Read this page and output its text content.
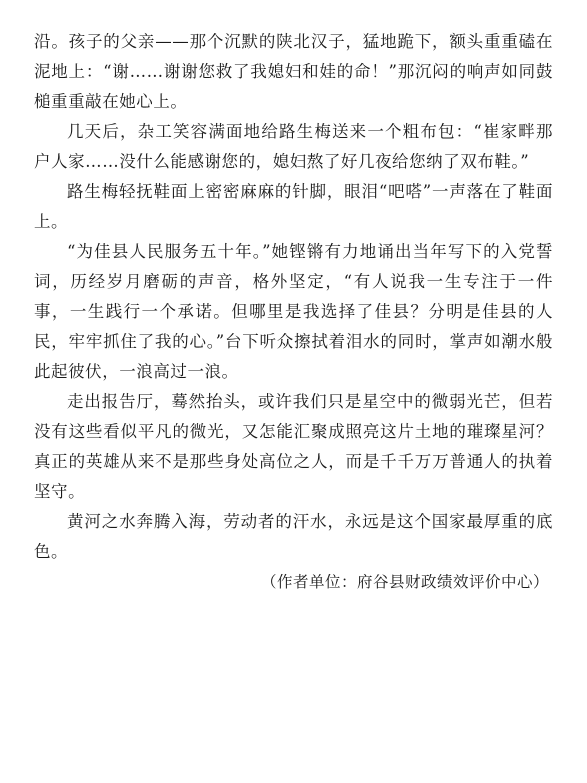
沿。孩子的父亲——那个沉默的陕北汉子，猛地跪下，额头重重磕在泥地上：“谢……谢谢您救了我媳妇和娃的命！”那沉闷的响声如同鼓槌重重敲在她心上。

几天后，杂工笑容满面地给路生梅送来一个粗布包：“崔家畔那户人家……没什么能感谢您的，媳妇熬了好几夜给您纳了双布鞋。”

路生梅轻抚鞋面上密密麻麻的针脚，眼泪“吧嗒”一声落在了鞋面上。

“为佳县人民服务五十年。”她铿锵有力地诵出当年写下的入党誓词，历经岁月磨砺的声音，格外坚定，“有人说我一生专注于一件事，一生践行一个承诺。但哪里是我选择了佳县？分明是佳县的人民，牢牢抓住了我的心。”台下听众擦拭着泪水的同时，掌声如潮水般此起彼伏，一浪高过一浪。

走出报告厅，蓦然抬头，或许我们只是星空中的微弱光芒，但若没有这些看似平凡的微光，又怎能汇聚成照亮这片土地的璀璨星河？真正的英雄从来不是那些身处高位之人，而是千千万万普通人的执着坚守。

黄河之水奔腾入海，劳动者的汗水，永远是这个国家最厚重的底色。

（作者单位：府谷县财政绩效评价中心）
